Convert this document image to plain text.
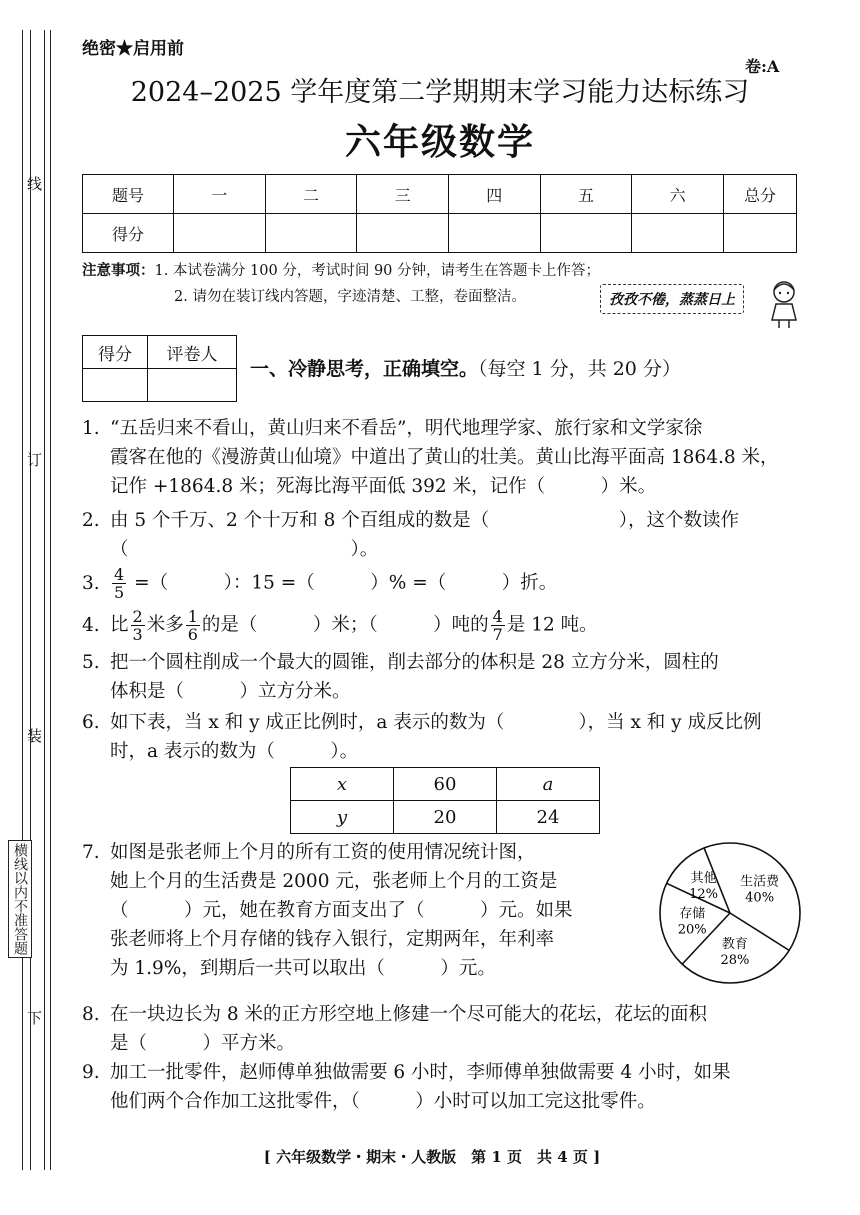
线
订
装
横线以内不准答题
下
绝密★启用前
卷:A
2024–2025 学年度第二学期期末学习能力达标练习
六年级数学
题号	一	二	三	四	五	六	总分
得分							
注意事项：1. 本试卷满分 100 分，考试时间 90 分钟，请考生在答题卡上作答；
2. 请勿在装订线内答题，字迹清楚、工整，卷面整洁。	孜孜不倦，蒸蒸日上
得分	评卷人

一、冷静思考，正确填空。（每空 1 分，共 20 分）
1. “五岳归来不看山，黄山归来不看岳”，明代地理学家、旅行家和文学家徐
霞客在他的《漫游黄山仙境》中道出了黄山的壮美。黄山比海平面高 1864.8 米，
记作 +1864.8 米；死海比海平面低 392 米，记作（　　　）米。
2. 由 5 个千万、2 个十万和 8 个百组成的数是（　　　　　　　），这个数读作
（　　　　　　　　　　　　）。
3. $\frac{4}{5}$ =（　　　）：15 =（　　　）% =（　　　）折。
4. 比 $\frac{2}{3}$ 米多 $\frac{1}{6}$ 的是（　　　）米；（　　　）吨的 $\frac{4}{7}$ 是 12 吨。
5. 把一个圆柱削成一个最大的圆锥，削去部分的体积是 28 立方分米，圆柱的
体积是（　　　）立方分米。
6. 如下表，当 x 和 y 成正比例时，a 表示的数为（　　　　），当 x 和 y 成反比例
时，a 表示的数为（　　　）。
x	60	a
y	20	24
7. 如图是张老师上个月的所有工资的使用情况统计图，
她上个月的生活费是 2000 元，张老师上个月的工资是
（　　　）元，她在教育方面支出了（　　　）元。如果
张老师将上个月存储的钱存入银行，定期两年，年利率
为 1.9%，到期后一共可以取出（　　　）元。
生活费
40%
教育
28%
存储
20%
其他
12%
8. 在一块边长为 8 米的正方形空地上修建一个尽可能大的花坛，花坛的面积
是（　　　）平方米。
9. 加工一批零件，赵师傅单独做需要 6 小时，李师傅单独做需要 4 小时，如果
他们两个合作加工这批零件，（　　　）小时可以加工完这批零件。
[ 六年级数学・期末・人教版　第 1 页　共 4 页 ]
